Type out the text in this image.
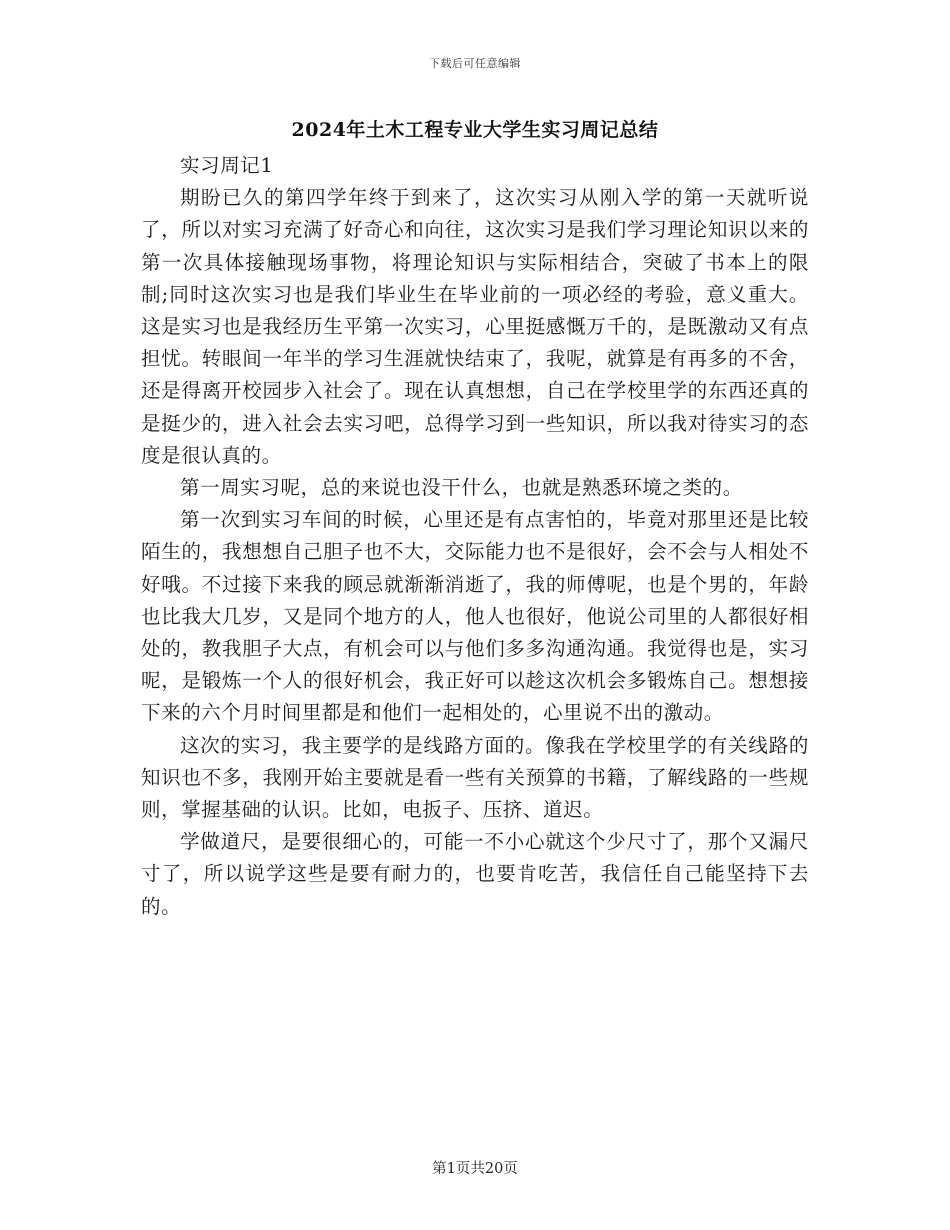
下载后可任意编辑
2024年土木工程专业大学生实习周记总结

实习周记1

期盼已久的第四学年终于到来了，这次实习从刚入学的第一天就听说了，所以对实习充满了好奇心和向往，这次实习是我们学习理论知识以来的第一次具体接触现场事物，将理论知识与实际相结合，突破了书本上的限制;同时这次实习也是我们毕业生在毕业前的一项必经的考验，意义重大。这是实习也是我经历生平第一次实习，心里挺感慨万千的，是既激动又有点担忧。转眼间一年半的学习生涯就快结束了，我呢，就算是有再多的不舍，还是得离开校园步入社会了。现在认真想想，自己在学校里学的东西还真的是挺少的，进入社会去实习吧，总得学习到一些知识，所以我对待实习的态度是很认真的。

第一周实习呢，总的来说也没干什么，也就是熟悉环境之类的。

第一次到实习车间的时候，心里还是有点害怕的，毕竟对那里还是比较陌生的，我想想自己胆子也不大，交际能力也不是很好，会不会与人相处不好哦。不过接下来我的顾忌就渐渐消逝了，我的师傅呢，也是个男的，年龄也比我大几岁，又是同个地方的人，他人也很好，他说公司里的人都很好相处的，教我胆子大点，有机会可以与他们多多沟通沟通。我觉得也是，实习呢，是锻炼一个人的很好机会，我正好可以趁这次机会多锻炼自己。想想接下来的六个月时间里都是和他们一起相处的，心里说不出的激动。

这次的实习，我主要学的是线路方面的。像我在学校里学的有关线路的知识也不多，我刚开始主要就是看一些有关预算的书籍，了解线路的一些规则，掌握基础的认识。比如，电扳子、压挤、道迟。

学做道尺，是要很细心的，可能一不小心就这个少尺寸了，那个又漏尺寸了，所以说学这些是要有耐力的，也要肯吃苦，我信任自己能坚持下去的。

第1页共20页
